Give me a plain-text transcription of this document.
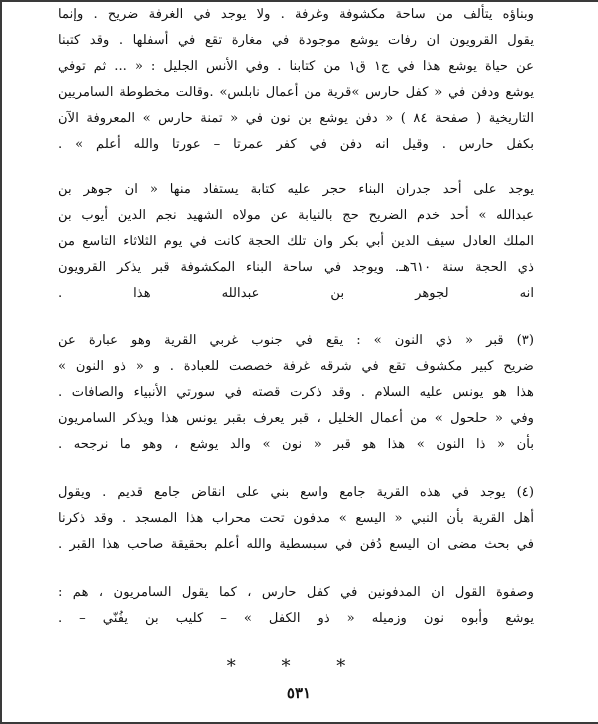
وبناؤه يتألف من ساحة مكشوفة وغرفة . ولا يوجد في الغرفة ضريح . وإنما
يقول القرويون ان رفات يوشع موجودة في مغارة تقع في أسفلها . وقد كتبنا
عن حياة يوشع هذا في ج١ ق١ من كتابنا . وفي الأنس الجليل : « ... ثم توفي
يوشع ودفن في « كفل حارس »قرية من أعمال نابلس» .وقالت مخطوطة السامريين
التاريخية ( صفحة ٨٤ ) « دفن يوشع بن نون في « تمنة حارس » المعروفة الآن
بكفل حارس . وقيل انه دفن في كفر عمرتا – عورتا والله أعلم » .
يوجد على أحد جدران البناء حجر عليه كتابة يستفاد منها « ان جوهر بن
عبدالله » أحد خدم الضريح حج بالنيابة عن مولاه الشهيد نجم الدين أيوب بن
الملك العادل سيف الدين أبي بكر وان تلك الحجة كانت في يوم الثلاثاء التاسع من
ذي الحجة سنة ٦١٠هـ. ويوجد في ساحة البناء المكشوفة قبر يذكر القرويون
انه لجوهر بن عبدالله هذا .
(٣) قبر « ذي النون » : يقع في جنوب غربي القرية وهو عبارة عن
ضريح كبير مكشوف تقع في شرقه غرفة خصصت للعبادة . و « ذو النون »
هذا هو يونس عليه السلام . وقد ذكرت قصته في سورتي الأنبياء والصافات .
وفي « حلحول » من أعمال الخليل ، قبر يعرف بقبر يونس هذا ويذكر السامريون
بأن « ذا النون » هذا هو قبر « نون » والد يوشع ، وهو ما نرجحه .
(٤) يوجد في هذه القرية جامع واسع بني على انقاض جامع قديم . ويقول
أهل القرية بأن النبي « اليسع » مدفون تحت محراب هذا المسجد . وقد ذكرنا
في بحث مضى ان اليسع دُفن في سبسطية والله أعلم بحقيقة صاحب هذا القبر .
وصفوة القول ان المدفونين في كفل حارس ، كما يقول السامريون ، هم :
يوشع وأبوه نون وزميله « ذو الكفل » – كليب بن يفُنّي – .
* * *
٥٣١
